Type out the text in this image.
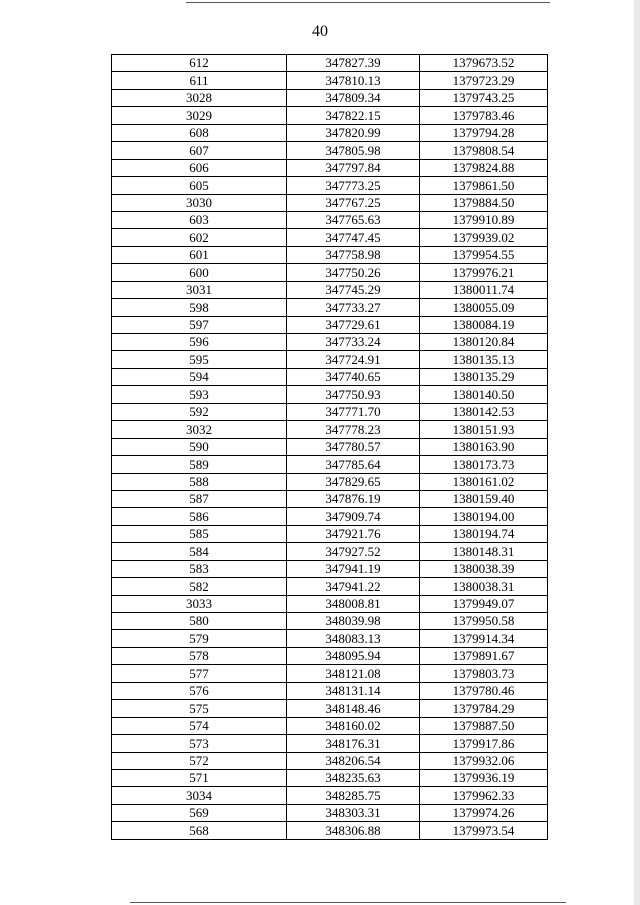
40
612	347827.39	1379673.52
611	347810.13	1379723.29
3028	347809.34	1379743.25
3029	347822.15	1379783.46
608	347820.99	1379794.28
607	347805.98	1379808.54
606	347797.84	1379824.88
605	347773.25	1379861.50
3030	347767.25	1379884.50
603	347765.63	1379910.89
602	347747.45	1379939.02
601	347758.98	1379954.55
600	347750.26	1379976.21
3031	347745.29	1380011.74
598	347733.27	1380055.09
597	347729.61	1380084.19
596	347733.24	1380120.84
595	347724.91	1380135.13
594	347740.65	1380135.29
593	347750.93	1380140.50
592	347771.70	1380142.53
3032	347778.23	1380151.93
590	347780.57	1380163.90
589	347785.64	1380173.73
588	347829.65	1380161.02
587	347876.19	1380159.40
586	347909.74	1380194.00
585	347921.76	1380194.74
584	347927.52	1380148.31
583	347941.19	1380038.39
582	347941.22	1380038.31
3033	348008.81	1379949.07
580	348039.98	1379950.58
579	348083.13	1379914.34
578	348095.94	1379891.67
577	348121.08	1379803.73
576	348131.14	1379780.46
575	348148.46	1379784.29
574	348160.02	1379887.50
573	348176.31	1379917.86
572	348206.54	1379932.06
571	348235.63	1379936.19
3034	348285.75	1379962.33
569	348303.31	1379974.26
568	348306.88	1379973.54
